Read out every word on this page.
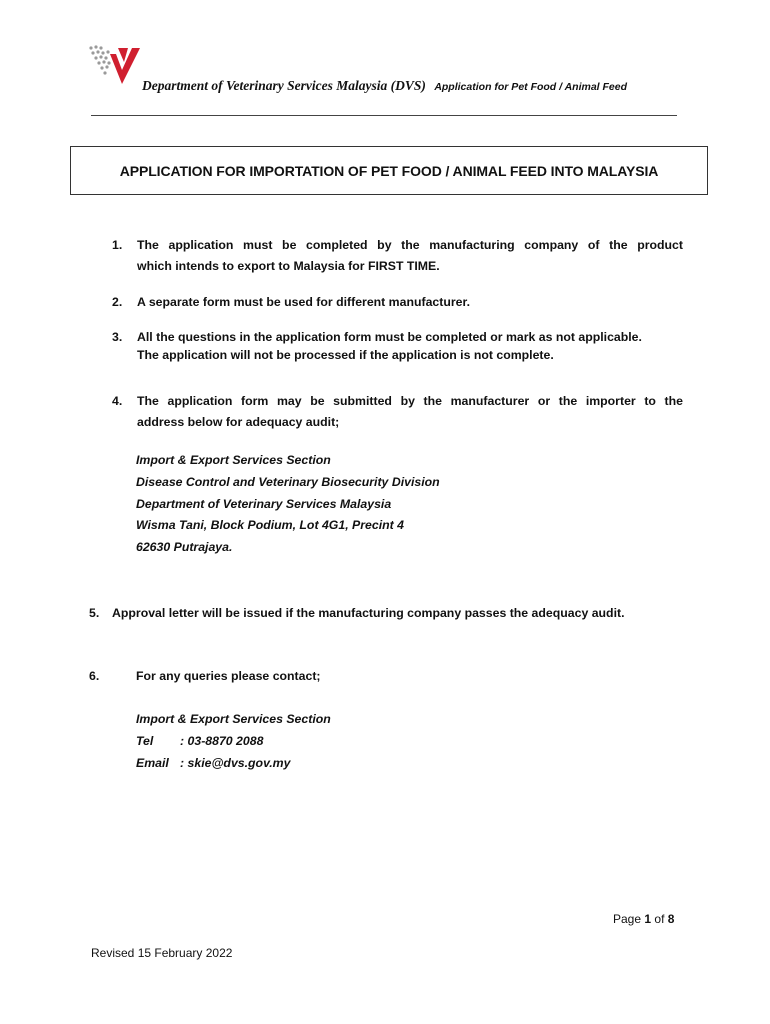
Department of Veterinary Services Malaysia (DVS) Application for Pet Food / Animal Feed
APPLICATION FOR IMPORTATION OF PET FOOD / ANIMAL FEED INTO MALAYSIA
1. The application must be completed by the manufacturing company of the product
which intends to export to Malaysia for FIRST TIME.
2. A separate form must be used for different manufacturer.
3. All the questions in the application form must be completed or mark as not applicable.
The application will not be processed if the application is not complete.
4. The application form may be submitted by the manufacturer or the importer to the
address below for adequacy audit;
Import & Export Services Section
Disease Control and Veterinary Biosecurity Division
Department of Veterinary Services Malaysia
Wisma Tani, Block Podium, Lot 4G1, Precint 4
62630 Putrajaya.
5. Approval letter will be issued if the manufacturing company passes the adequacy audit.
6.	For any queries please contact;
Import & Export Services Section
Tel : 03-8870 2088
Email : skie@dvs.gov.my
Page 1 of 8
Revised 15 February 2022
